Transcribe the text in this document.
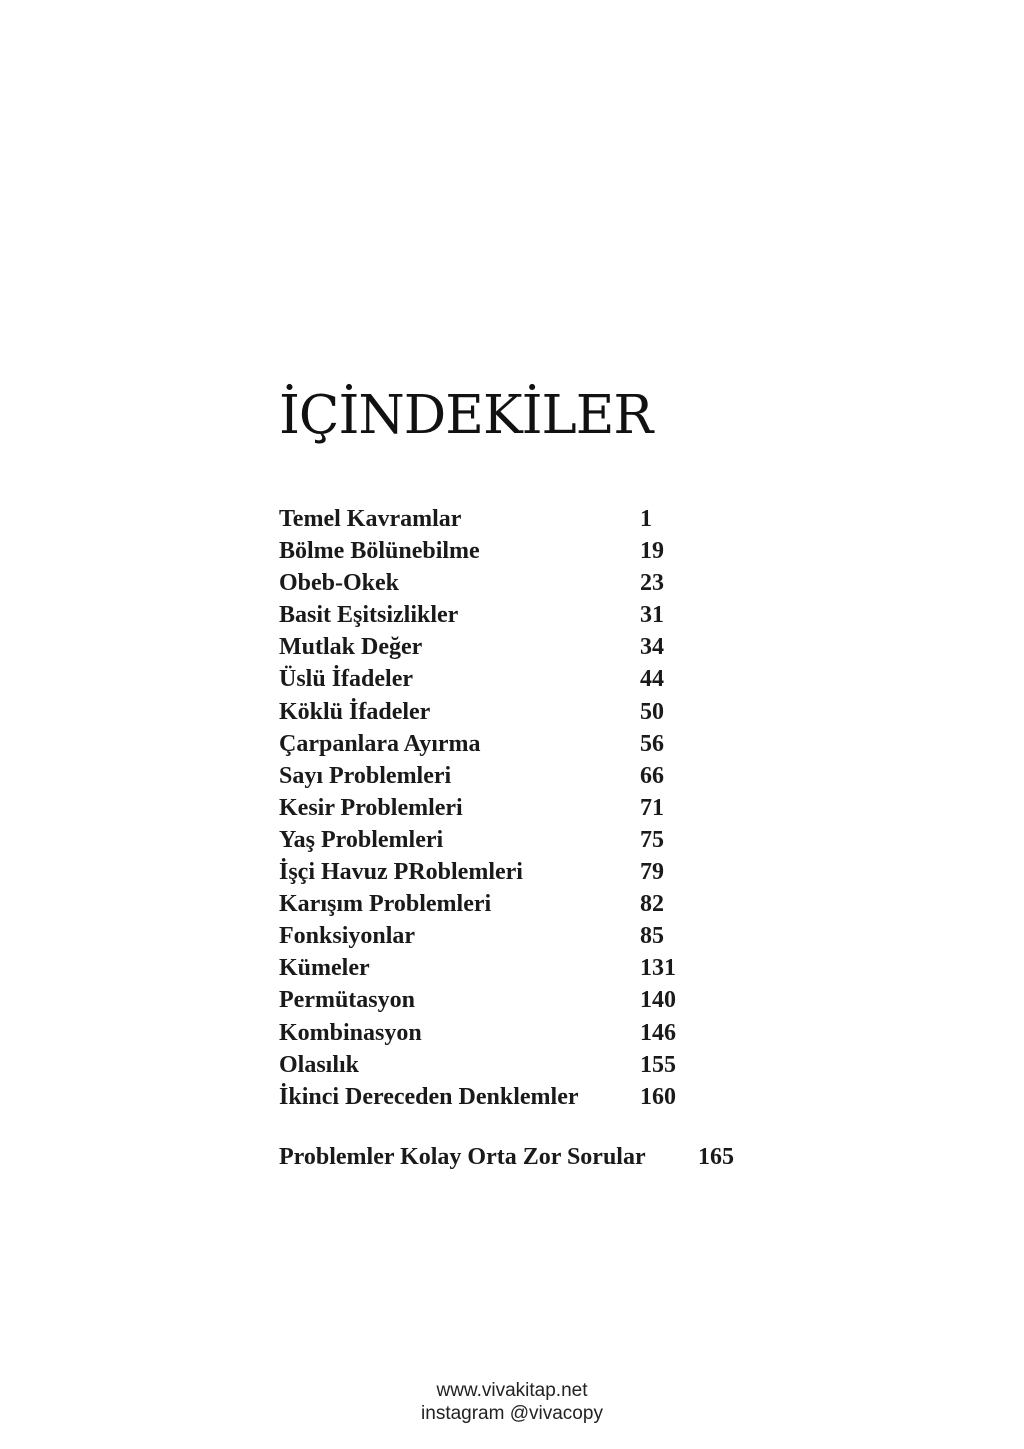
İÇİNDEKİLER
Temel Kavramlar	1
Bölme Bölünebilme	19
Obeb-Okek	23
Basit Eşitsizlikler	31
Mutlak Değer	34
Üslü İfadeler	44
Köklü İfadeler	50
Çarpanlara Ayırma	56
Sayı Problemleri	66
Kesir Problemleri	71
Yaş Problemleri	75
İşçi Havuz PRoblemleri	79
Karışım Problemleri	82
Fonksiyonlar	85
Kümeler	131
Permütasyon	140
Kombinasyon	146
Olasılık	155
İkinci Dereceden Denklemler	160
Problemler Kolay Orta Zor Sorular 165
www.vivakitap.net
instagram @vivacopy
